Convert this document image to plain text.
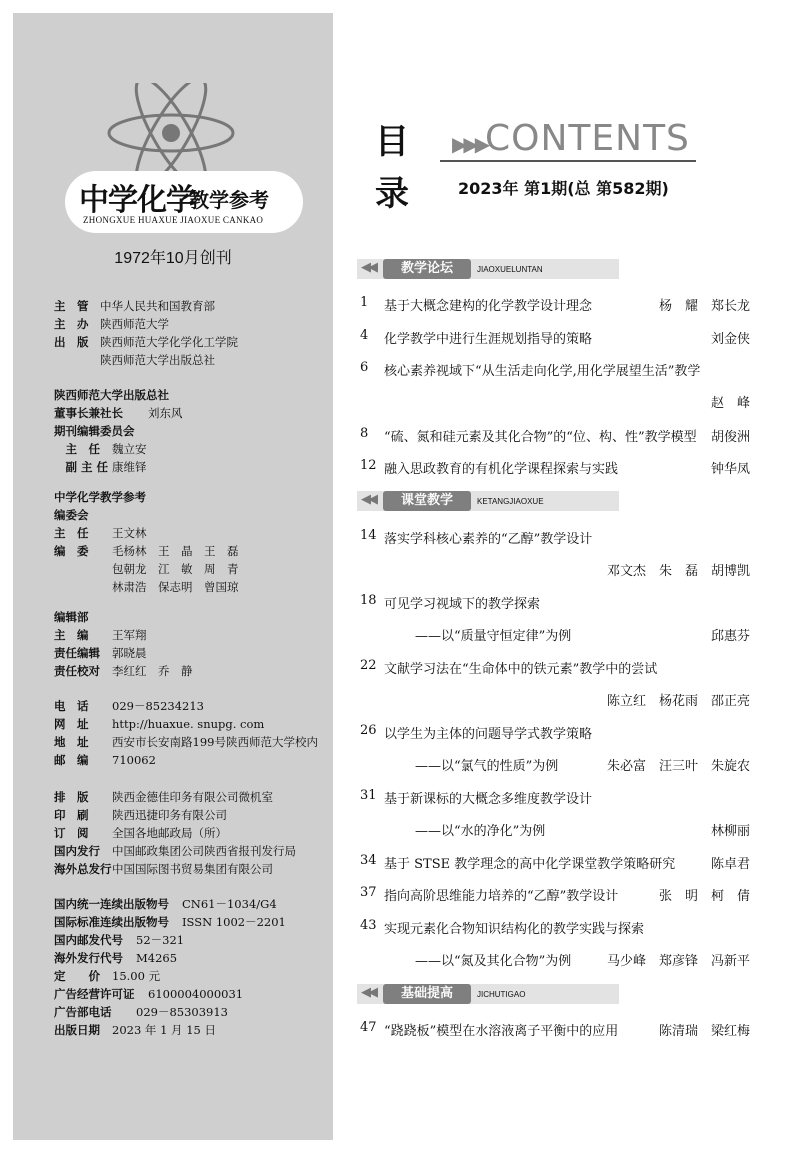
中学化学
教学参考
ZHONGXUE HUAXUE JIAOXUE CANKAO
1972年10月创刊
主　管	中华人民共和国教育部
主　办	陕西师范大学
出　版	陕西师范大学化学化工学院
陕西师范大学出版总社
陕西师范大学出版总社
董事长兼社长	刘东风
期刊编辑委员会
　主　任	魏立安
　副 主 任 康维铎
中学化学教学参考
编委会
主　任	王文林
编　委	毛杨林　王　晶　王　磊
包朝龙　江　敏　周　青
林肃浩　保志明　曾国琼
编辑部
主　编	王军翔
责任编辑	郭晓晨
责任校对	李红红　乔　静
电　话	029－85234213
网　址	http://huaxue. snupg. com
地　址	西安市长安南路199号陕西师范大学校内
邮　编	710062
排　版	陕西金德佳印务有限公司微机室
印　刷	陕西迅捷印务有限公司
订　阅	全国各地邮政局（所）
国内发行	中国邮政集团公司陕西省报刊发行局
海外总发行 中国国际图书贸易集团有限公司
国内统一连续出版物号	CN61－1034/G4
国际标准连续出版物号	ISSN 1002－2201
国内邮发代号	52－321
海外发行代号	M4265
定　　价	15.00 元
广告经营许可证	6100004000031
广告部电话	029－85303913
出版日期	2023 年 1 月 15 日
目
录
▶▶▶
CONTENTS
2023年 第1期(总 第582期)
◀◀	教学论坛	JIAOXUELUNTAN
1 基于大概念建构的化学教学设计理念	杨　耀　郑长龙
4 化学教学中进行生涯规划指导的策略	刘金侠
6 核心素养视域下“从生活走向化学,用化学展望生活”教学
赵　峰
8 “硫、氮和硅元素及其化合物”的“位、构、性”教学模型 胡俊洲
12 融入思政教育的有机化学课程探索与实践	钟华凤
◀◀	课堂教学	KETANGJIAOXUE
14 落实学科核心素养的“乙醇”教学设计
邓文杰　朱　磊　胡博凯
18 可见学习视域下的教学探索
——以“质量守恒定律”为例	邱惠芬
22 文献学习法在“生命体中的铁元素”教学中的尝试
陈立红　杨花雨　邵正亮
26 以学生为主体的问题导学式教学策略
——以“氯气的性质”为例	朱必富　汪三叶　朱旋农
31 基于新课标的大概念多维度教学设计
——以“水的净化”为例	林柳丽
34 基于 STSE 教学理念的高中化学课堂教学策略研究	陈卓君
37 指向高阶思维能力培养的“乙醇”教学设计	张　明　柯　倩
43 实现元素化合物知识结构化的教学实践与探索
——以“氮及其化合物”为例	马少峰　郑彦锋　冯新平
◀◀	基础提高	JICHUTIGAO
47 “跷跷板”模型在水溶液离子平衡中的应用	陈清瑞　梁红梅
